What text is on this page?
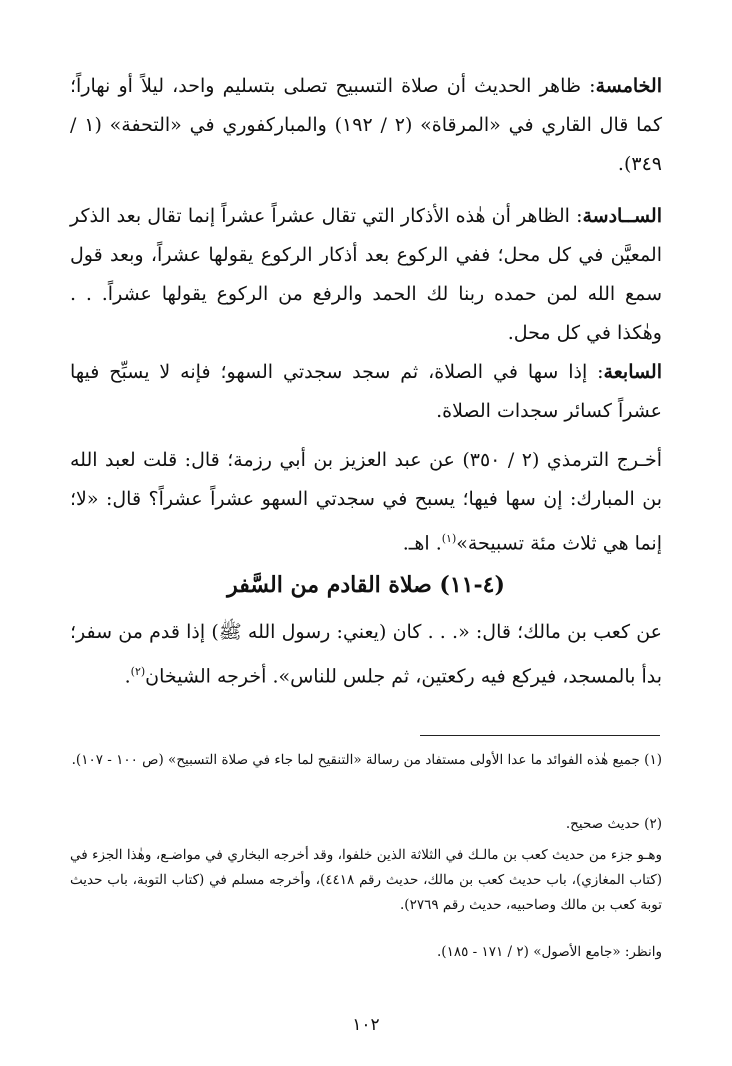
الخامسة: ظاهر الحديث أن صلاة التسبيح تصلى بتسليم واحد، ليلاً أو نهاراً؛ كما قال القاري في «المرقاة» (٢ / ١٩٢) والمباركفوري في «التحفة» (١ / ٣٤٩).

الســادسة: الظاهر أن هٰذه الأذكار التي تقال عشراً عشراً إنما تقال بعد الذكر المعيَّن في كل محل؛ ففي الركوع بعد أذكار الركوع يقولها عشراً، وبعد قول سمع الله لمن حمده ربنا لك الحمد والرفع من الركوع يقولها عشراً. . . وهٰكذا في كل محل.

السابعة: إذا سها في الصلاة، ثم سجد سجدتي السهو؛ فإنه لا يسبِّح فيها عشراً كسائر سجدات الصلاة.

أخـرج الترمذي (٢ / ٣٥٠) عن عبد العزيز بن أبي رزمة؛ قال: قلت لعبد الله بن المبارك: إن سها فيها؛ يسبح في سجدتي السهو عشراً عشراً؟ قال: «لا؛ إنما هي ثلاث مئة تسبيحة»$^{(١)}$. اهـ.

(٤-١١) صلاة القادم من السَّفر

عن كعب بن مالك؛ قال: «. . . كان (يعني: رسول الله ﷺ) إذا قدم من سفر؛ بدأ بالمسجد، فيركع فيه ركعتين، ثم جلس للناس». أخرجه الشيخان$^{(٢)}$.

(١) جميع هٰذه الفوائد ما عدا الأولى مستفاد من رسالة «التنقيح لما جاء في صلاة التسبيح» (ص ١٠٠ - ١٠٧).

(٢) حديث صحيح.

وهـو جزء من حديث كعب بن مالـك في الثلاثة الذين خلفوا، وقد أخرجه البخاري في مواضـع، وهٰذا الجزء في (كتاب المغازي)، باب حديث كعب بن مالك، حديث رقم ٤٤١٨)، وأخرجه مسلم في (كتاب التوبة، باب حديث توبة كعب بن مالك وصاحبيه، حديث رقم ٢٧٦٩).

وانظر: «جامع الأصول» (٢ / ١٧١ - ١٨٥).

١٠٢
